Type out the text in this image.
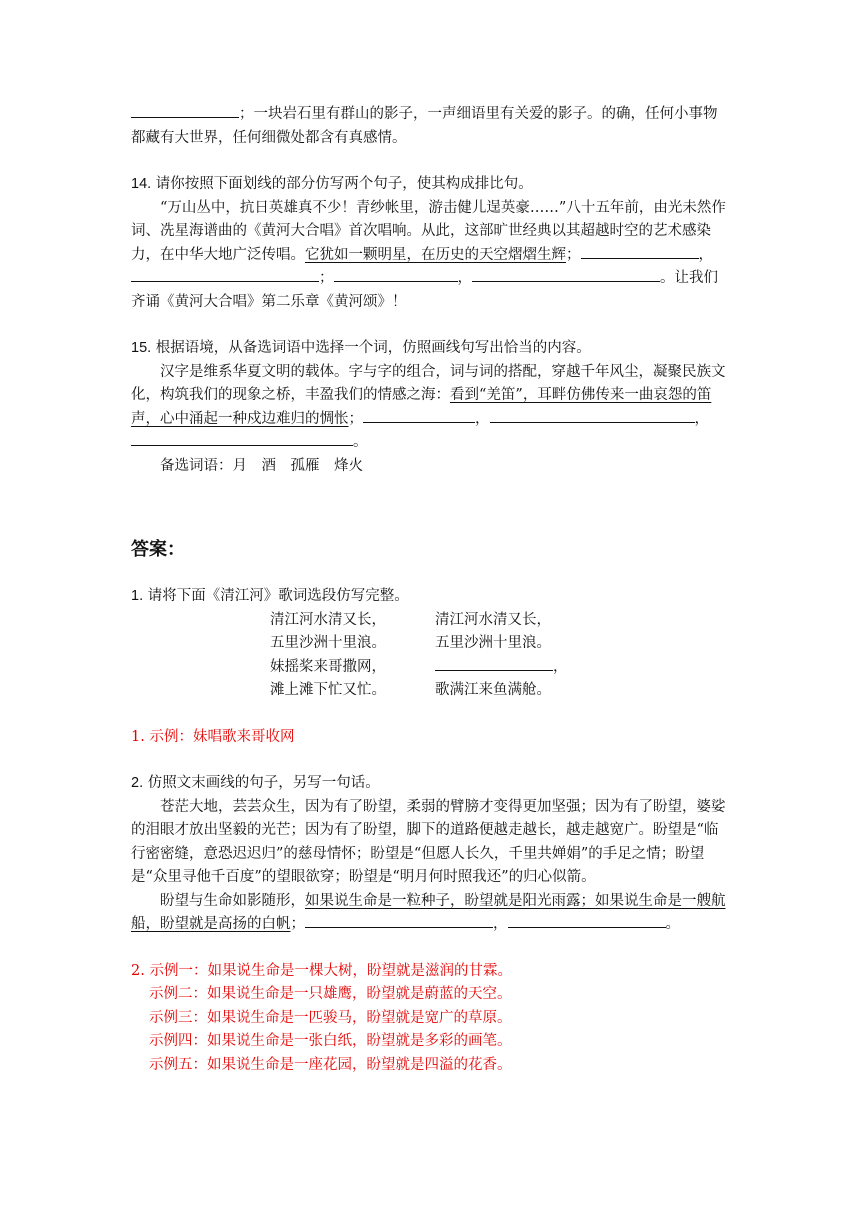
；一块岩石里有群山的影子，一声细语里有关爱的影子。的确，任何小事物都藏有大世界，任何细微处都含有真感情。

14. 请你按照下面划线的部分仿写两个句子，使其构成排比句。

“万山丛中，抗日英雄真不少！青纱帐里，游击健儿逞英豪……”八十五年前，由光未然作词、冼星海谱曲的《黄河大合唱》首次唱响。从此，这部旷世经典以其超越时空的艺术感染力，在中华大地广泛传唱。它犹如一颗明星，在历史的天空熠熠生辉；	，；	，	。让我们齐诵《黄河大合唱》第二乐章《黄河颂》！

15. 根据语境，从备选词语中选择一个词，仿照画线句写出恰当的内容。

汉字是维系华夏文明的载体。字与字的组合，词与词的搭配，穿越千年风尘，凝聚民族文化，构筑我们的现象之桥，丰盈我们的情感之海：看到“羌笛”，耳畔仿佛传来一曲哀怨的笛声，心中涌起一种戍边难归的惆怅；	，	，。

备选词语：月　酒　孤雁　烽火

答案：

1. 请将下面《清江河》歌词选段仿写完整。

清江河水清又长，	清江河水清又长，
五里沙洲十里浪。	五里沙洲十里浪。
妹摇桨来哥撒网，	，
滩上滩下忙又忙。	歌满江来鱼满舱。

1. 示例：妹唱歌来哥收网

2. 仿照文末画线的句子，另写一句话。

苍茫大地，芸芸众生，因为有了盼望，柔弱的臂膀才变得更加坚强；因为有了盼望，婆娑的泪眼才放出坚毅的光芒；因为有了盼望，脚下的道路便越走越长，越走越宽广。盼望是“临行密密缝，意恐迟迟归”的慈母情怀；盼望是“但愿人长久，千里共婵娟”的手足之情；盼望是“众里寻他千百度”的望眼欲穿；盼望是“明月何时照我还”的归心似箭。

盼望与生命如影随形，如果说生命是一粒种子，盼望就是阳光雨露；如果说生命是一艘航船，盼望就是高扬的白帆；	，	。

2. 示例一：如果说生命是一棵大树，盼望就是滋润的甘霖。

示例二：如果说生命是一只雄鹰，盼望就是蔚蓝的天空。

示例三：如果说生命是一匹骏马，盼望就是宽广的草原。

示例四：如果说生命是一张白纸，盼望就是多彩的画笔。

示例五：如果说生命是一座花园，盼望就是四溢的花香。
